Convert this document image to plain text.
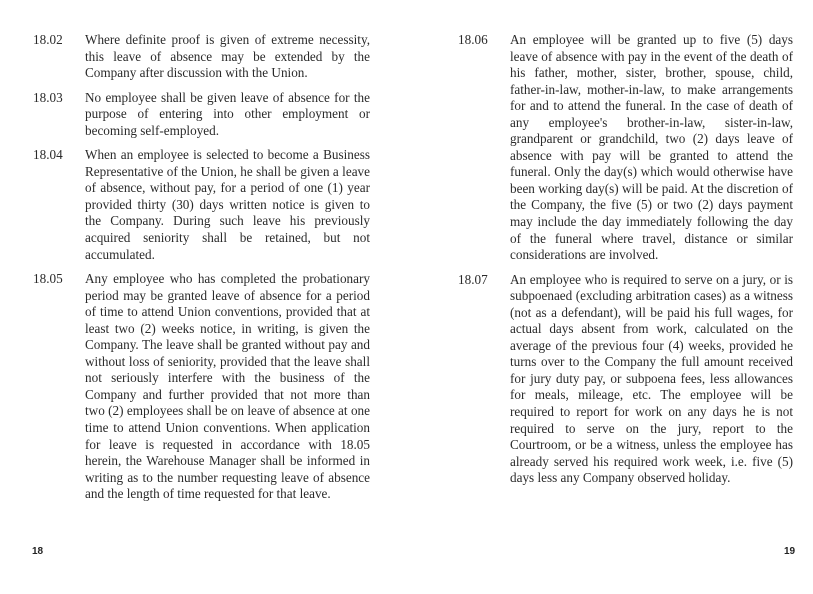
18.02	Where definite proof is given of extreme necessity, this leave of absence may be extended by the Company after discussion with the Union.

18.03	No employee shall be given leave of absence for the purpose of entering into other employment or becoming self-employed.

18.04	When an employee is selected to become a Business Representative of the Union, he shall be given a leave of absence, without pay, for a period of one (1) year provided thirty (30) days written notice is given to the Company. During such leave his previously acquired seniority shall be retained, but not accumulated.

18.05	Any employee who has completed the probationary period may be granted leave of absence for a period of time to attend Union conventions, provided that at least two (2) weeks notice, in writing, is given the Company. The leave shall be granted without pay and without loss of seniority, provided that the leave shall not seriously interfere with the business of the Company and further provided that not more than two (2) employees shall be on leave of absence at one time to attend Union conventions. When application for leave is requested in accordance with 18.05 herein, the Warehouse Manager shall be informed in writing as to the number requesting leave of absence and the length of time requested for that leave.

18.06	An employee will be granted up to five (5) days leave of absence with pay in the event of the death of his father, mother, sister, brother, spouse, child, father-in-law, mother-in-law, to make arrangements for and to attend the funeral. In the case of death of any employee's brother-in-law, sister-in-law, grandparent or grandchild, two (2) days leave of absence with pay will be granted to attend the funeral. Only the day(s) which would otherwise have been working day(s) will be paid. At the discretion of the Company, the five (5) or two (2) days payment may include the day immediately following the day of the funeral where travel, distance or similar considerations are involved.

18.07	An employee who is required to serve on a jury, or is subpoenaed (excluding arbitration cases) as a witness (not as a defendant), will be paid his full wages, for actual days absent from work, calculated on the average of the previous four (4) weeks, provided he turns over to the Company the full amount received for jury duty pay, or subpoena fees, less allowances for meals, mileage, etc. The employee will be required to report for work on any days he is not required to serve on the jury, report to the Courtroom, or be a witness, unless the employee has already served his required work week, i.e. five (5) days less any Company observed holiday.

18	19
